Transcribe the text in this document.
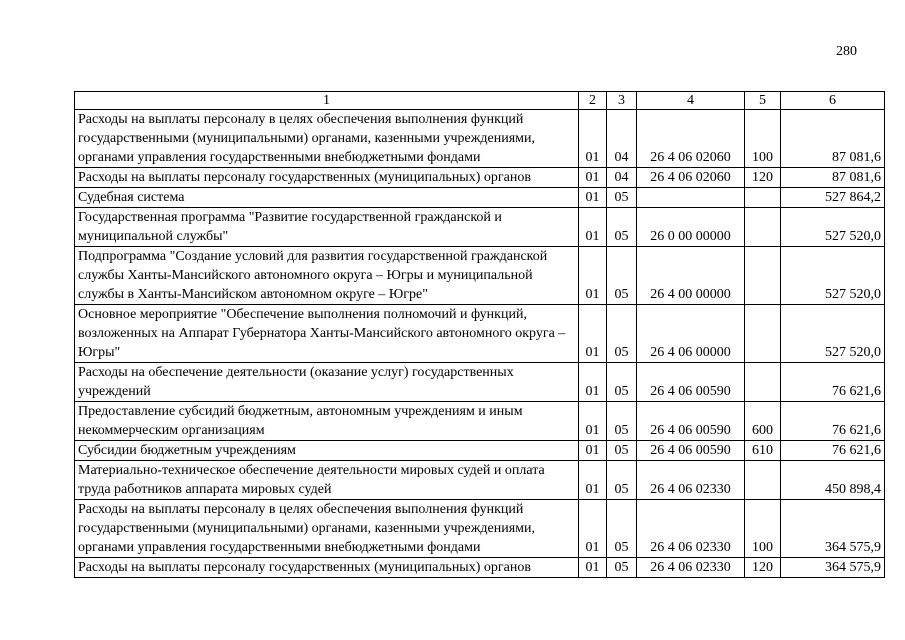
280
1	2	3	4	5	6
Расходы на выплаты персоналу в целях обеспечения выполнения функций государственными (муниципальными) органами, казенными учреждениями, органами управления государственными внебюджетными фондами	01	04	26 4 06 02060	100	87 081,6
Расходы на выплаты персоналу государственных (муниципальных) органов	01	04	26 4 06 02060	120	87 081,6
Судебная система	01	05			527 864,2
Государственная программа "Развитие государственной гражданской и муниципальной службы"	01	05	26 0 00 00000		527 520,0
Подпрограмма "Создание условий для развития государственной гражданской службы Ханты-Мансийского автономного округа – Югры и муниципальной службы в Ханты-Мансийском автономном округе – Югре"	01	05	26 4 00 00000		527 520,0
Основное мероприятие "Обеспечение выполнения полномочий и функций, возложенных на Аппарат Губернатора Ханты-Мансийского автономного округа – Югры"	01	05	26 4 06 00000		527 520,0
Расходы на обеспечение деятельности (оказание услуг) государственных учреждений	01	05	26 4 06 00590		76 621,6
Предоставление субсидий бюджетным, автономным учреждениям и иным некоммерческим организациям	01	05	26 4 06 00590	600	76 621,6
Субсидии бюджетным учреждениям	01	05	26 4 06 00590	610	76 621,6
Материально-техническое обеспечение деятельности мировых судей и оплата труда работников аппарата мировых судей	01	05	26 4 06 02330		450 898,4
Расходы на выплаты персоналу в целях обеспечения выполнения функций государственными (муниципальными) органами, казенными учреждениями, органами управления государственными внебюджетными фондами	01	05	26 4 06 02330	100	364 575,9
Расходы на выплаты персоналу государственных (муниципальных) органов	01	05	26 4 06 02330	120	364 575,9
